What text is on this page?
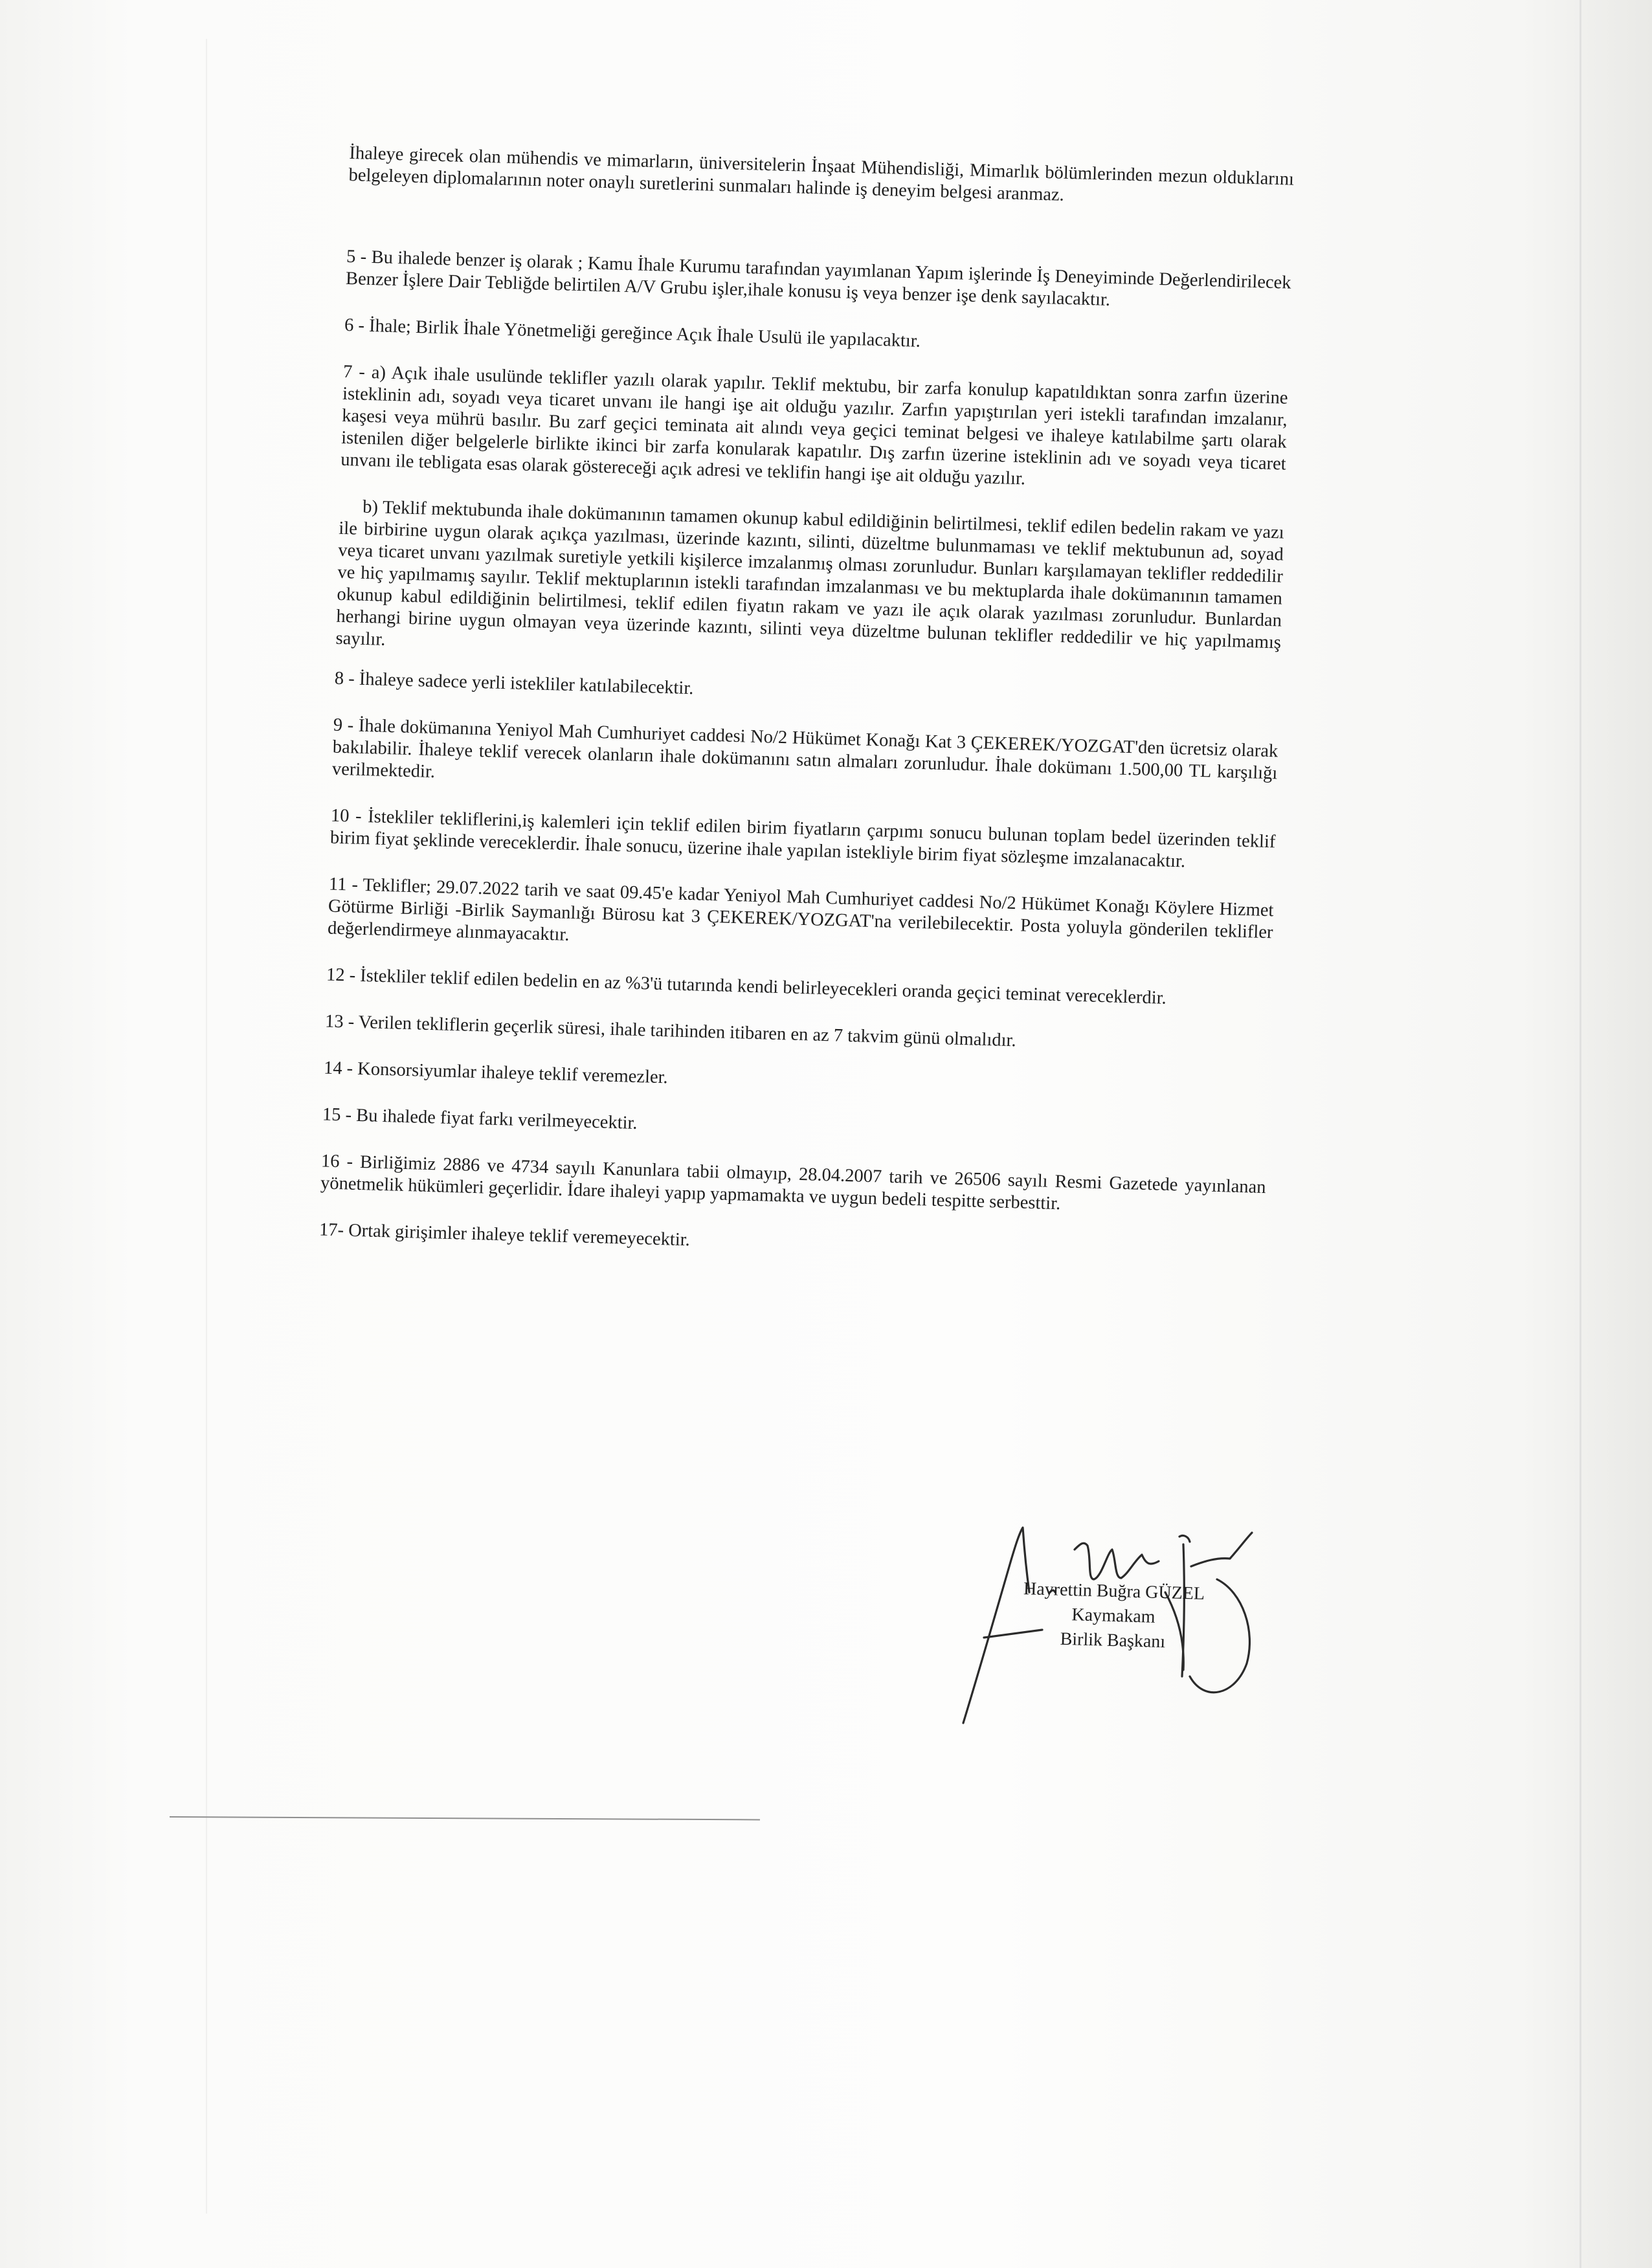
İhaleye girecek olan mühendis ve mimarların, üniversitelerin İnşaat Mühendisliği, Mimarlık bölümlerinden mezun olduklarını belgeleyen diplomalarının noter onaylı suretlerini sunmaları halinde iş deneyim belgesi aranmaz.

5 - Bu ihalede benzer iş olarak ; Kamu İhale Kurumu tarafından yayımlanan Yapım işlerinde İş Deneyiminde Değerlendirilecek Benzer İşlere Dair Tebliğde belirtilen A/V Grubu işler,ihale konusu iş veya benzer işe denk sayılacaktır.

6 - İhale; Birlik İhale Yönetmeliği gereğince Açık İhale Usulü ile yapılacaktır.

7 - a) Açık ihale usulünde teklifler yazılı olarak yapılır. Teklif mektubu, bir zarfa konulup kapatıldıktan sonra zarfın üzerine isteklinin adı, soyadı veya ticaret unvanı ile hangi işe ait olduğu yazılır. Zarfın yapıştırılan yeri istekli tarafından imzalanır, kaşesi veya mührü basılır. Bu zarf geçici teminata ait alındı veya geçici teminat belgesi ve ihaleye katılabilme şartı olarak istenilen diğer belgelerle birlikte ikinci bir zarfa konularak kapatılır. Dış zarfın üzerine isteklinin adı ve soyadı veya ticaret unvanı ile tebligata esas olarak göstereceği açık adresi ve teklifin hangi işe ait olduğu yazılır.

b) Teklif mektubunda ihale dokümanının tamamen okunup kabul edildiğinin belirtilmesi, teklif edilen bedelin rakam ve yazı ile birbirine uygun olarak açıkça yazılması, üzerinde kazıntı, silinti, düzeltme bulunmaması ve teklif mektubunun ad, soyad veya ticaret unvanı yazılmak suretiyle yetkili kişilerce imzalanmış olması zorunludur. Bunları karşılamayan teklifler reddedilir ve hiç yapılmamış sayılır. Teklif mektuplarının istekli tarafından imzalanması ve bu mektuplarda ihale dokümanının tamamen okunup kabul edildiğinin belirtilmesi, teklif edilen fiyatın rakam ve yazı ile açık olarak yazılması zorunludur. Bunlardan herhangi birine uygun olmayan veya üzerinde kazıntı, silinti veya düzeltme bulunan teklifler reddedilir ve hiç yapılmamış sayılır.

8 - İhaleye sadece yerli istekliler katılabilecektir.

9 - İhale dokümanına Yeniyol Mah Cumhuriyet caddesi No/2 Hükümet Konağı Kat 3 ÇEKEREK/YOZGAT'den ücretsiz olarak bakılabilir. İhaleye teklif verecek olanların ihale dokümanını satın almaları zorunludur. İhale dokümanı 1.500,00 TL karşılığı verilmektedir.

10 - İstekliler tekliflerini,iş kalemleri için teklif edilen birim fiyatların çarpımı sonucu bulunan toplam bedel üzerinden teklif birim fiyat şeklinde vereceklerdir. İhale sonucu, üzerine ihale yapılan istekliyle birim fiyat sözleşme imzalanacaktır.

11 - Teklifler; 29.07.2022 tarih ve saat 09.45'e kadar Yeniyol Mah Cumhuriyet caddesi No/2 Hükümet Konağı Köylere Hizmet Götürme Birliği -Birlik Saymanlığı Bürosu kat 3 ÇEKEREK/YOZGAT'na verilebilecektir. Posta yoluyla gönderilen teklifler değerlendirmeye alınmayacaktır.

12 - İstekliler teklif edilen bedelin en az %3'ü tutarında kendi belirleyecekleri oranda geçici teminat vereceklerdir.

13 - Verilen tekliflerin geçerlik süresi, ihale tarihinden itibaren en az 7 takvim günü olmalıdır.

14 - Konsorsiyumlar ihaleye teklif veremezler.

15 - Bu ihalede fiyat farkı verilmeyecektir.

16 - Birliğimiz 2886 ve 4734 sayılı Kanunlara tabii olmayıp, 28.04.2007 tarih ve 26506 sayılı Resmi Gazetede yayınlanan yönetmelik hükümleri geçerlidir. İdare ihaleyi yapıp yapmamakta ve uygun bedeli tespitte serbesttir.

17- Ortak girişimler ihaleye teklif veremeyecektir.

Hayrettin Buğra GÜZEL
Kaymakam
Birlik Başkanı
